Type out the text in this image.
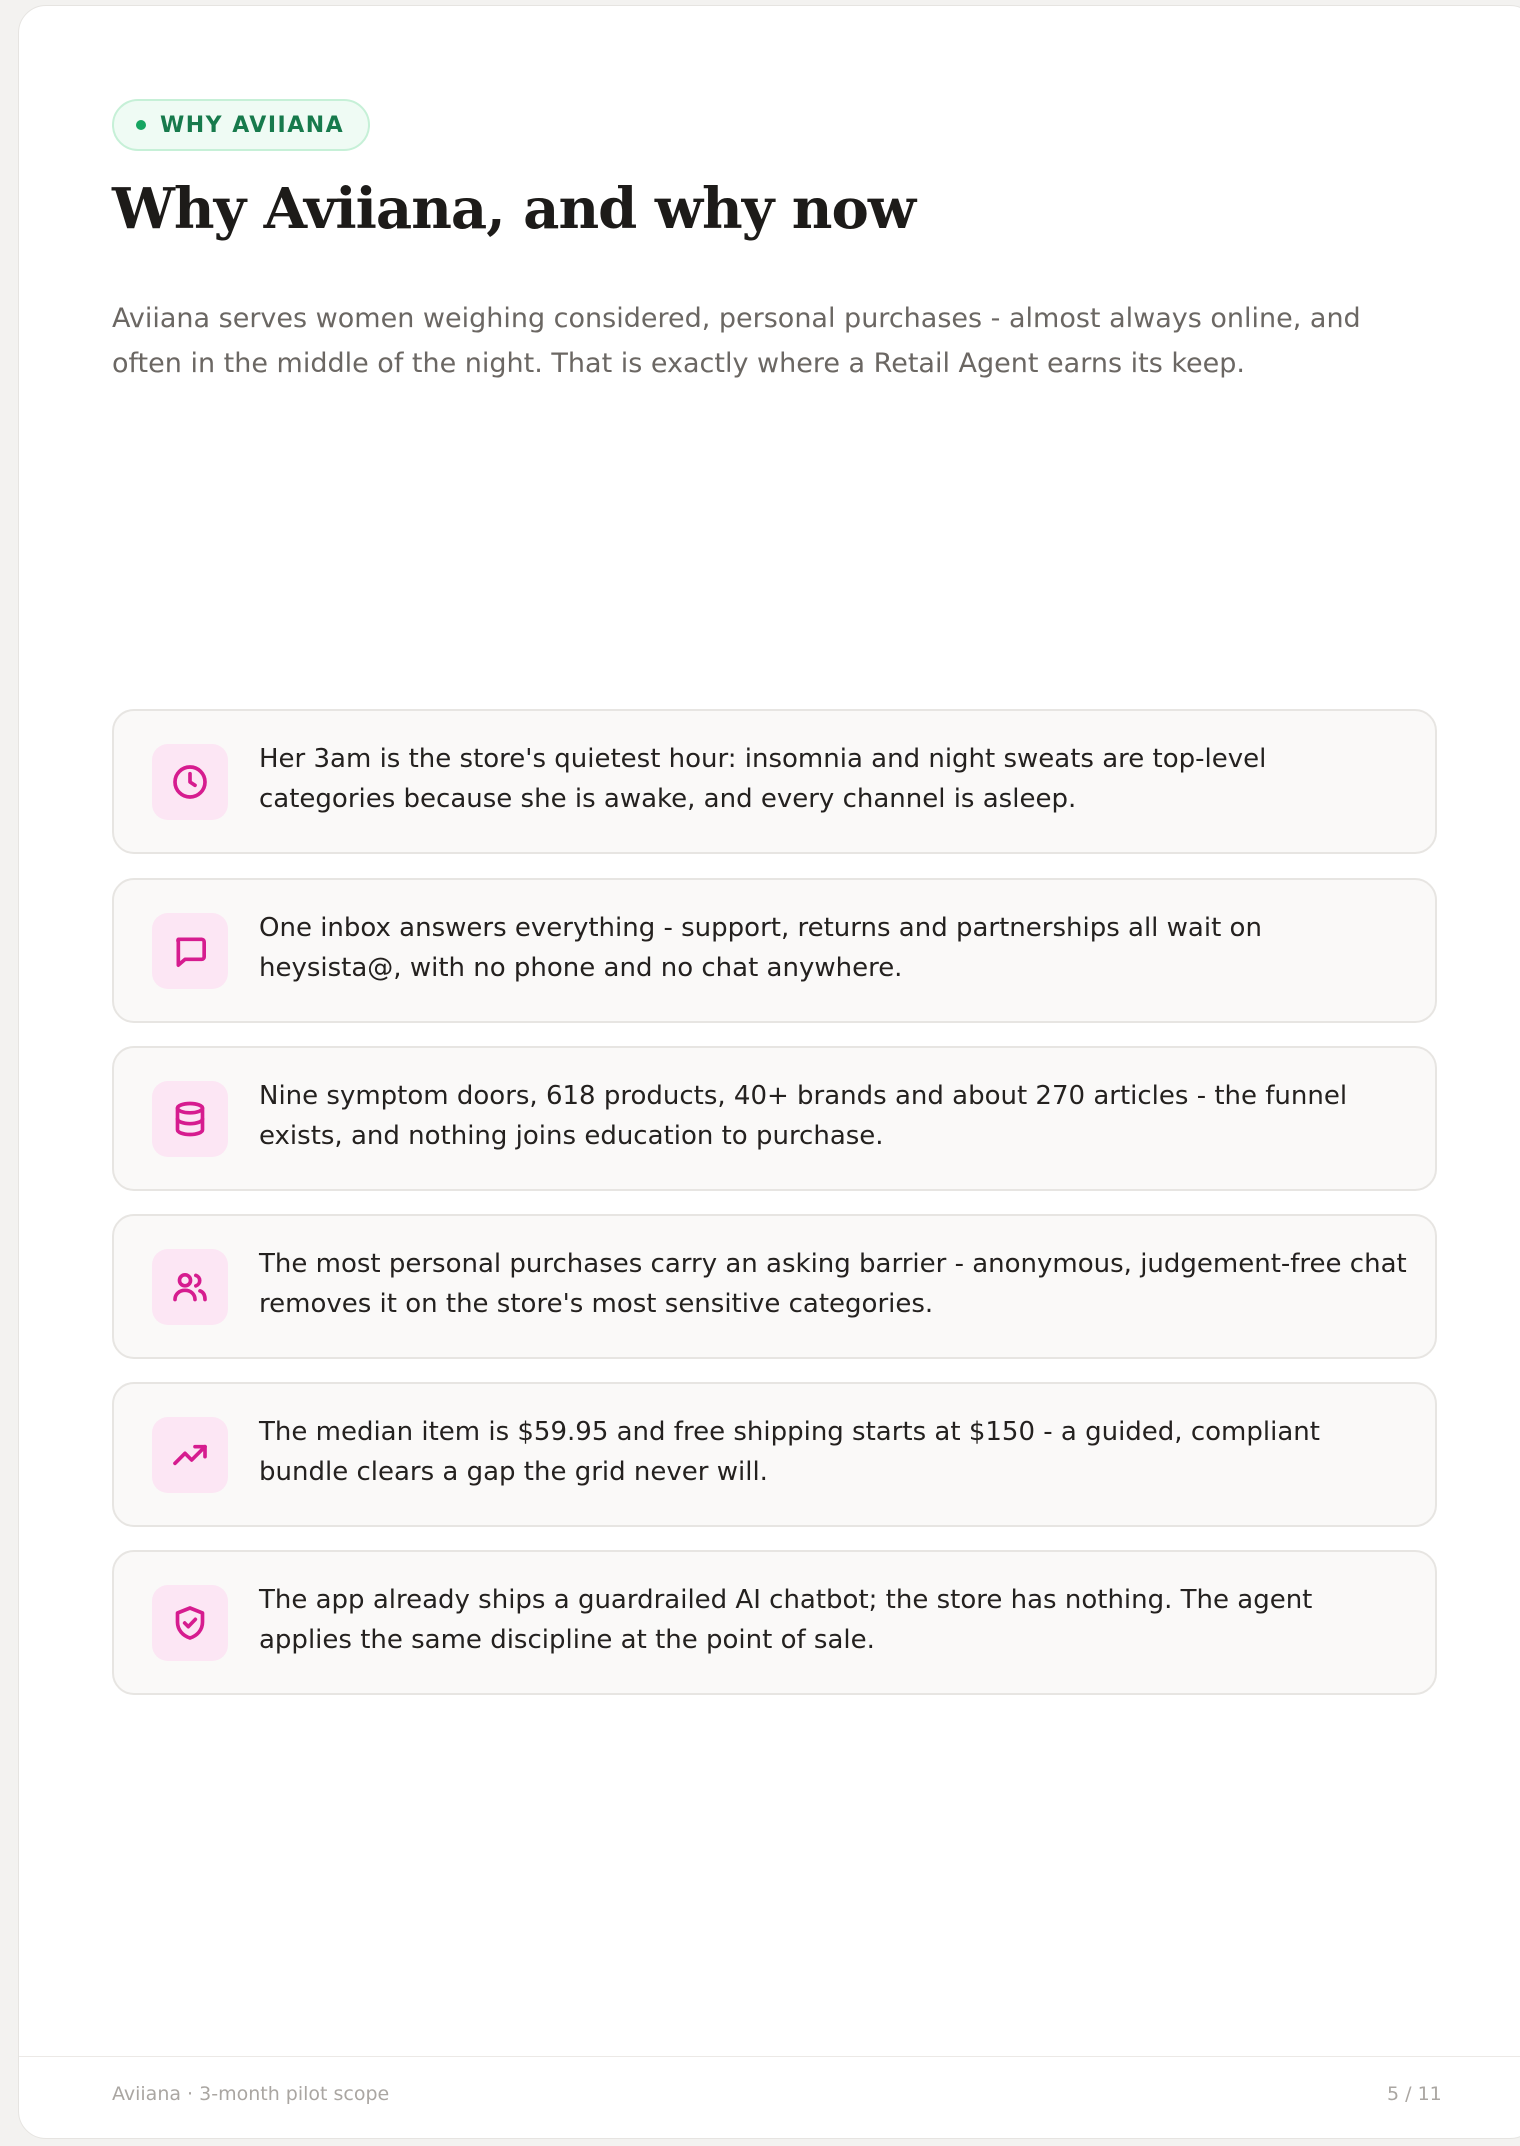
WHY AVIIANA
Why Aviiana, and why now

Aviiana serves women weighing considered, personal purchases - almost always online, and often in the middle of the night. That is exactly where a Retail Agent earns its keep.

Her 3am is the store's quietest hour: insomnia and night sweats are top-level categories because she is awake, and every channel is asleep.
One inbox answers everything - support, returns and partnerships all wait on heysista@, with no phone and no chat anywhere.
Nine symptom doors, 618 products, 40+ brands and about 270 articles - the funnel exists, and nothing joins education to purchase.
The most personal purchases carry an asking barrier - anonymous, judgement-free chat removes it on the store's most sensitive categories.
The median item is $59.95 and free shipping starts at $150 - a guided, compliant bundle clears a gap the grid never will.
The app already ships a guardrailed AI chatbot; the store has nothing. The agent applies the same discipline at the point of sale.
Aviiana · 3-month pilot scope	5 / 11
